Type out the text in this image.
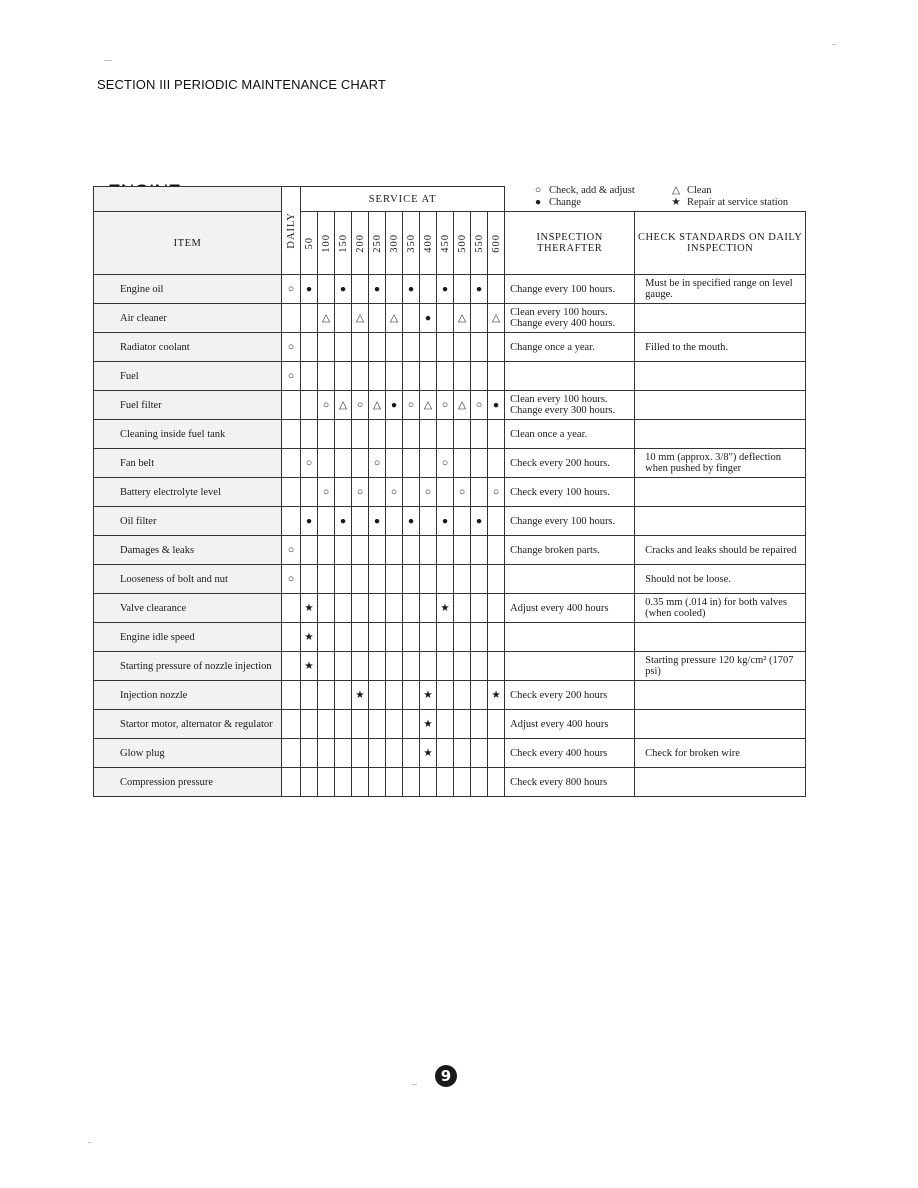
SECTION III PERIODIC MAINTENANCE CHART
○ Check, add & adjust	△ Clean
● Change	★ Repair at service station

	DAILY	SERVICE AT													
ITEM		50	100	150	200	250	300	350	400	450	500	550	600	INSPECTION THERAFTER	CHECK STANDARDS ON DAILY INSPECTION
Engine oil	○	●		●		●		●		●		●		Change every 100 hours.	Must be in specified range on level gauge.
Air cleaner			△		△		△		●		△		△	Clean every 100 hours. Change every 400 hours.	
Radiator coolant	○													Change once a year.	Filled to the mouth.
Fuel	○														
Fuel filter			○	△	○	△	●	○	△	○	△	○	●	Clean every 100 hours. Change every 300 hours.	
Cleaning inside fuel tank														Clean once a year.	
Fan belt		○				○				○				Check every 200 hours.	10 mm (approx. 3/8") deflection when pushed by finger
Battery electrolyte level			○		○		○		○		○		○	Check every 100 hours.	
Oil filter		●		●		●		●		●		●		Change every 100 hours.	
Damages & leaks	○													Change broken parts.	Cracks and leaks should be repaired
Looseness of bolt and nut	○														Should not be loose.
Valve clearance		★								★				Adjust every 400 hours	0.35 mm (.014 in) for both valves (when cooled)
Engine idle speed		★													
Starting pressure of nozzle injection		★													Starting pressure 120 kg/cm² (1707 psi)
Injection nozzle					★				★				★	Check every 200 hours	
Startor motor, alternator & regulator									★					Adjust every 400 hours	
Glow plug									★					Check every 400 hours	Check for broken wire
Compression pressure														Check every 800 hours	
9
